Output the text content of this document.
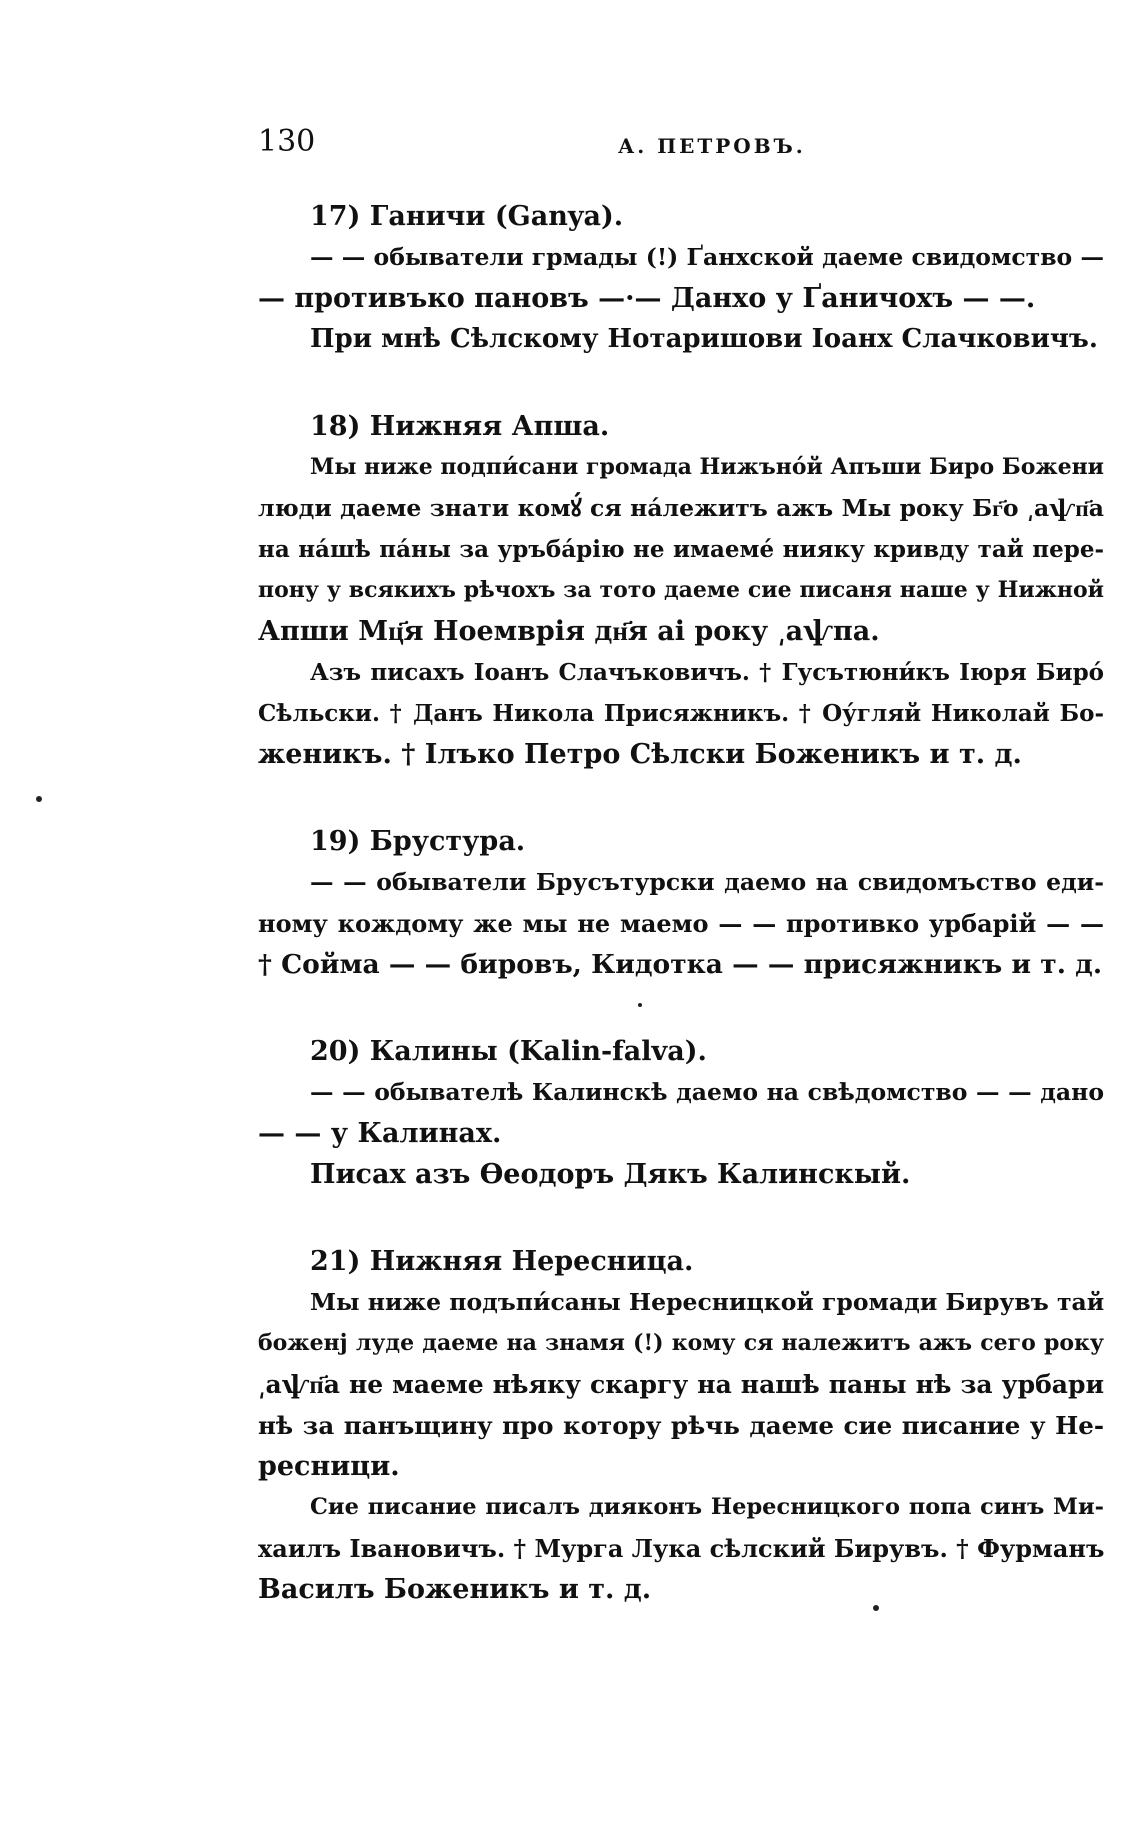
130	А. ПЕТРОВЪ.
17) Ганичи (Ganya).
— — обыватели грмады (!) Ґанхской даеме свидомство —
— противъко пановъ —·— Данхо у Ґаничохъ — —.
При мнѣ Сѣлскому Нотаришови Іоанх Слачковичъ.
18) Нижняя Апша.
Мы ниже подпи́сани громада Нижъно́й Апъши Биро Божени
люди даеме знати комꙋ́ ся на́лежитъ ажъ Мы року Бг҃о ͵аѱп҃а
на на́шѣ па́ны за уръба́рію не имаеме́ нияку кривду тай пере-
пону у всякихъ рѣчохъ за тото даеме сие писаня наше у Нижной
Апши Мц҃я Ноемврія дн҃я аі року ͵аѱпа.
Азъ писахъ Іоанъ Слачъковичъ. † Гусътюни́къ Іюря Биро́
Сѣльски. † Данъ Никола Присяжникъ. † Оу́гляй Николай Бо-
женикъ. † Ілъко Петро Сѣлски Боженикъ и т. д.
19) Брустура.
— — обыватели Брусътурски даемо на свидомъство еди-
ному кождому же мы не маемо — — противко урбарій — —
† Сойма — — бировъ, Кидотка — — присяжникъ и т. д.
20) Калины (Kalin-falva).
— — обывателѣ Калинскѣ даемо на свѣдомство — — дано
— — у Калинах.
Писах азъ Ѳеодоръ Дякъ Калинскый.
21) Нижняя Нересница.
Мы ниже подъпи́саны Нересницкой громади Бирувъ тай
боженј луде даеме на знамя (!) кому ся належитъ ажъ сего року
͵аѱп҃а не маеме нѣяку скаргу на нашѣ паны нѣ за урбари
нѣ за панъщину про котору рѣчь даеме сие писание у Не-
ресници.
Сие писание писалъ дияконъ Нересницкого попа синъ Ми-
хаилъ Івановичъ. † Мурга Лука сѣлский Бирувъ. † Фурманъ
Василъ Боженикъ и т. д.
